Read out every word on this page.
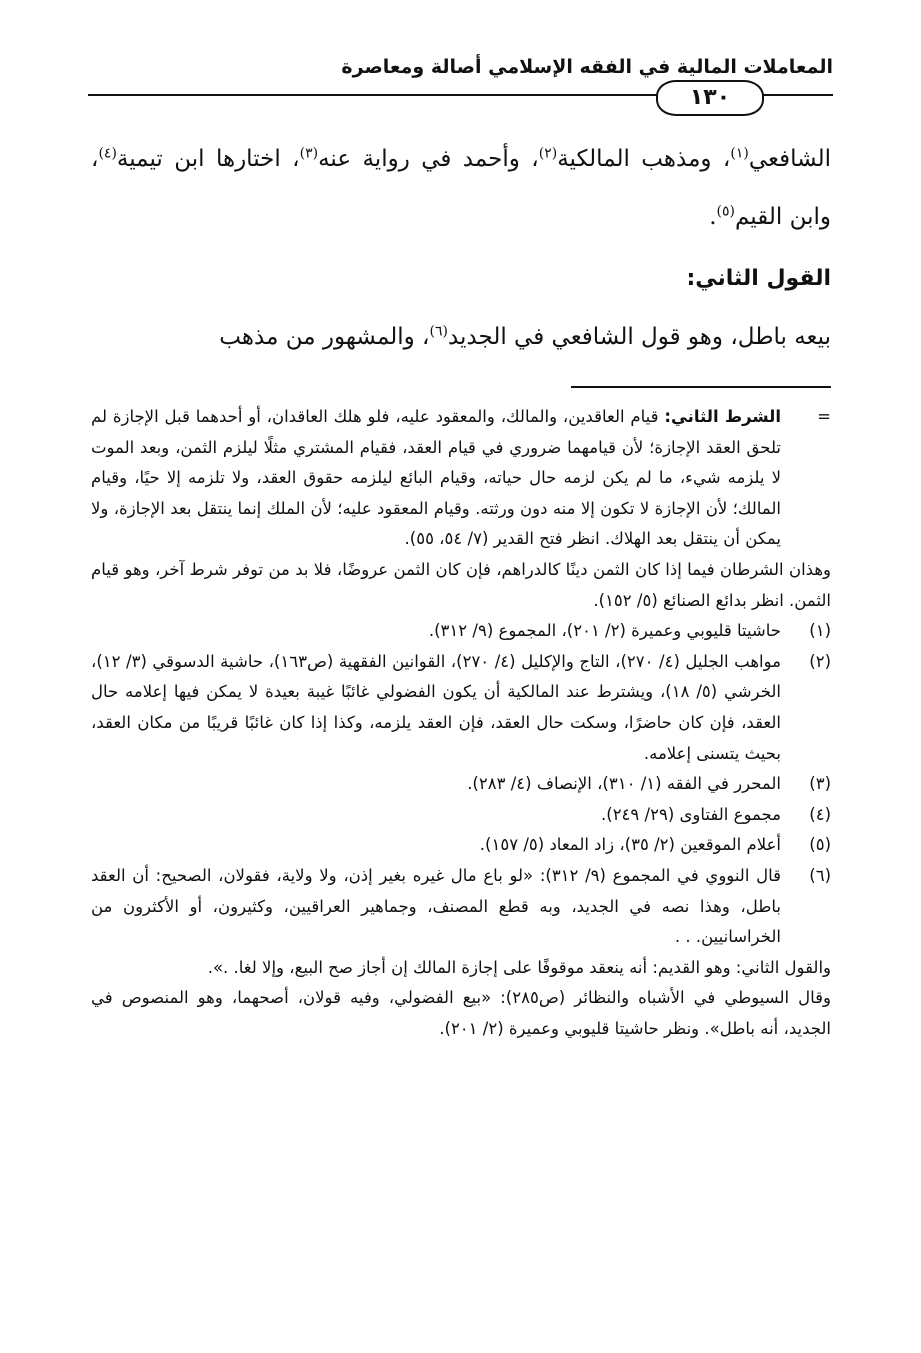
المعاملات المالية في الفقه الإسلامي أصالة ومعاصرة
١٣٠

الشافعي$^{(١)}$، ومذهب المالكية$^{(٢)}$، وأحمد في رواية عنه$^{(٣)}$، اختارها ابن تيمية$^{(٤)}$، وابن القيم$^{(٥)}$.

القول الثاني:

بيعه باطل، وهو قول الشافعي في الجديد$^{(٦)}$، والمشهور من مذهب

=

الشرط الثاني: قيام العاقدين، والمالك، والمعقود عليه، فلو هلك العاقدان، أو أحدهما قبل الإجازة لم تلحق العقد الإجازة؛ لأن قيامهما ضروري في قيام العقد، فقيام المشتري مثلًا ليلزم الثمن، وبعد الموت لا يلزمه شيء، ما لم يكن لزمه حال حياته، وقيام البائع ليلزمه حقوق العقد، ولا تلزمه إلا حيًا، وقيام المالك؛ لأن الإجازة لا تكون إلا منه دون ورثته. وقيام المعقود عليه؛ لأن الملك إنما ينتقل بعد الإجازة، ولا يمكن أن ينتقل بعد الهلاك. انظر فتح القدير (٧/ ٥٤، ٥٥).

وهذان الشرطان فيما إذا كان الثمن دينًا كالدراهم، فإن كان الثمن عروضًا، فلا بد من توفر شرط آخر، وهو قيام الثمن. انظر بدائع الصنائع (٥/ ١٥٢).

(١)

حاشيتا قليوبي وعميرة (٢/ ٢٠١)، المجموع (٩/ ٣١٢).

(٢)

مواهب الجليل (٤/ ٢٧٠)، التاج والإكليل (٤/ ٢٧٠)، القوانين الفقهية (ص١٦٣)، حاشية الدسوقي (٣/ ١٢)، الخرشي (٥/ ١٨)، ويشترط عند المالكية أن يكون الفضولي غائبًا غيبة بعيدة لا يمكن فيها إعلامه حال العقد، فإن كان حاضرًا، وسكت حال العقد، فإن العقد يلزمه، وكذا إذا كان غائبًا قريبًا من مكان العقد، بحيث يتسنى إعلامه.

(٣)

المحرر في الفقه (١/ ٣١٠)، الإنصاف (٤/ ٢٨٣).

(٤)

مجموع الفتاوى (٢٩/ ٢٤٩).

(٥)

أعلام الموقعين (٢/ ٣٥)، زاد المعاد (٥/ ١٥٧).

(٦)

قال النووي في المجموع (٩/ ٣١٢): «لو باع مال غيره بغير إذن، ولا ولاية، فقولان، الصحيح: أن العقد باطل، وهذا نصه في الجديد، وبه قطع المصنف، وجماهير العراقيين، وكثيرون، أو الأكثرون من الخراسانيين. . .

والقول الثاني: وهو القديم: أنه ينعقد موقوفًا على إجازة المالك إن أجاز صح البيع، وإلا لغا. .».

وقال السيوطي في الأشباه والنظائر (ص٢٨٥): «بيع الفضولي، وفيه قولان، أصحهما، وهو المنصوص في الجديد، أنه باطل». ونظر حاشيتا قليوبي وعميرة (٢/ ٢٠١).
